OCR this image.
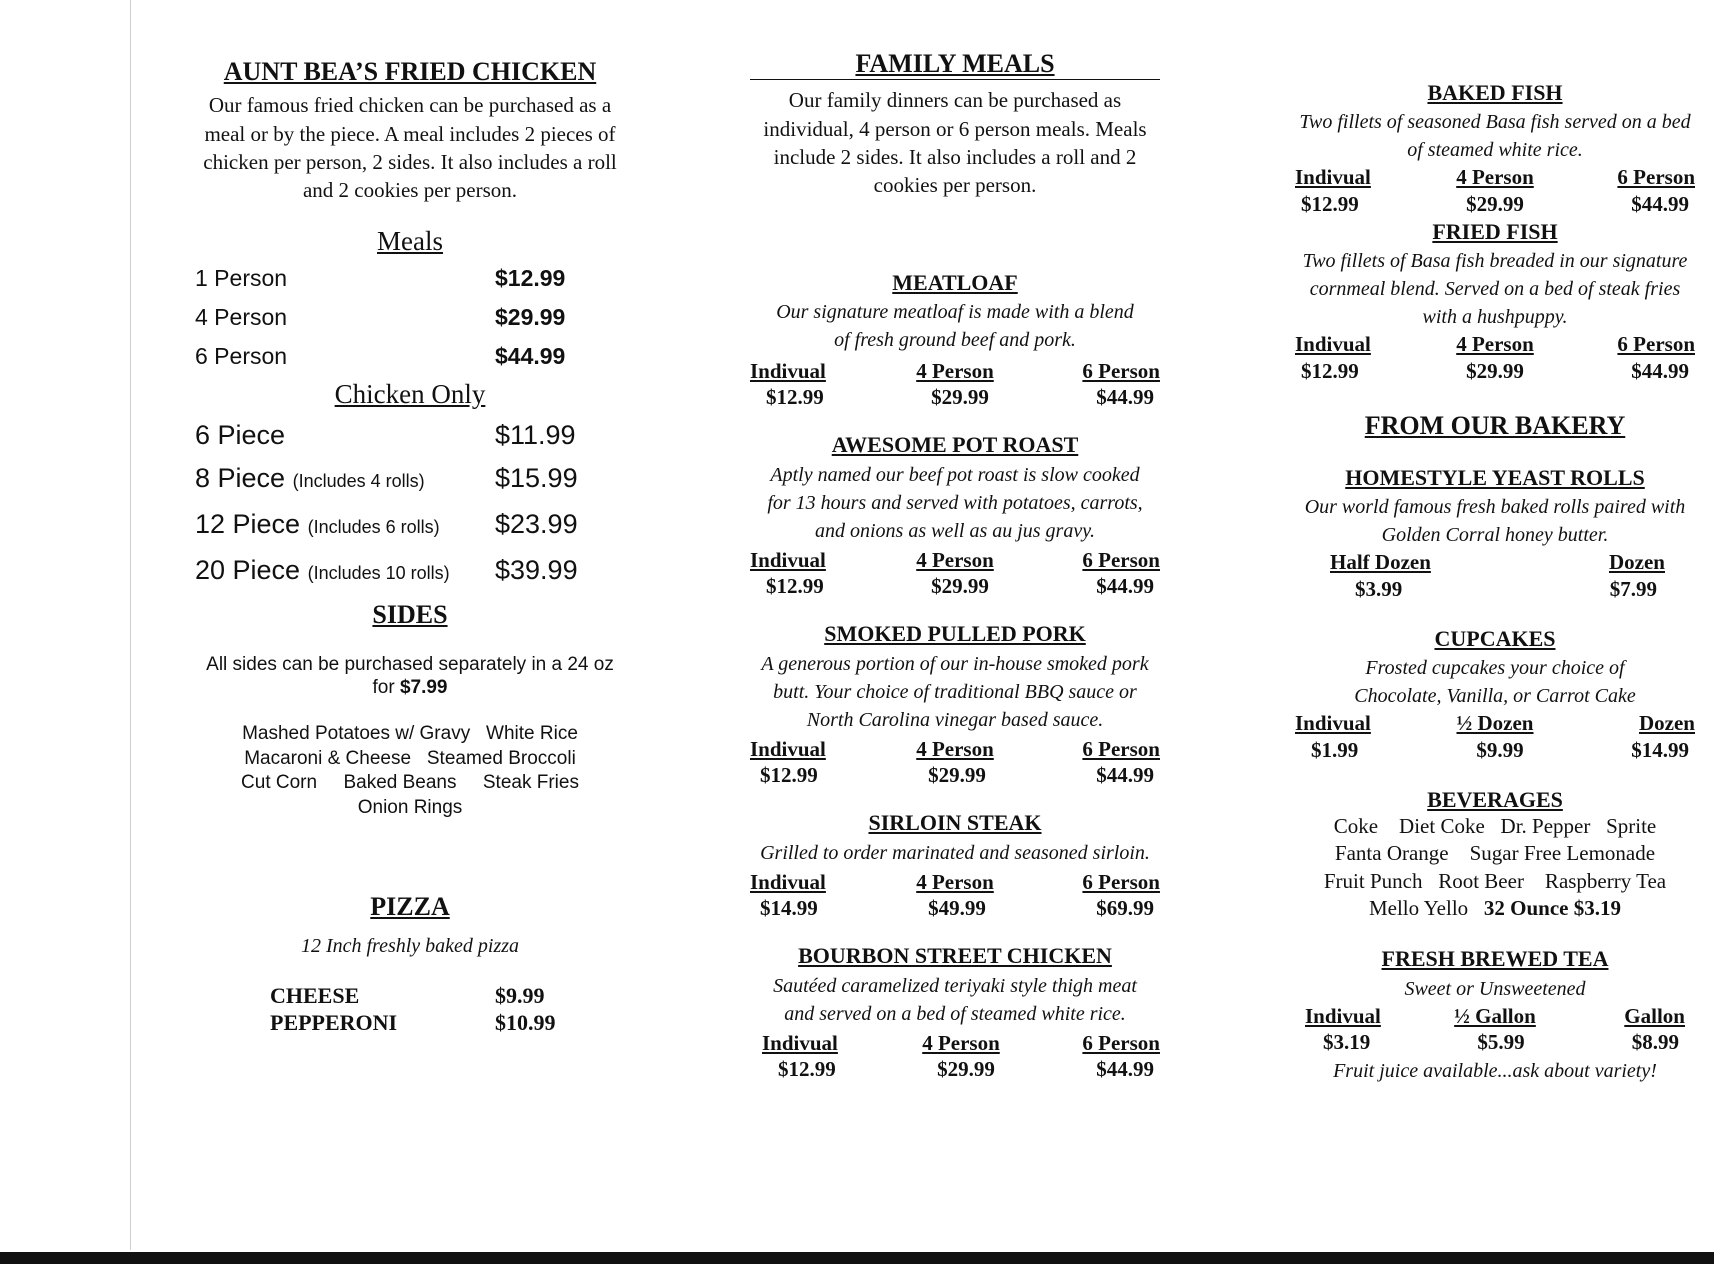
AUNT BEA’S FRIED CHICKEN

Our famous fried chicken can be purchased as a meal or by the piece. A meal includes 2 pieces of chicken per person, 2 sides. It also includes a roll and 2 cookies per person.

Meals
1 Person	$12.99
4 Person	$29.99
6 Person	$44.99
Chicken Only
6 Piece	$11.99
8 Piece (Includes 4 rolls)	$15.99
12 Piece (Includes 6 rolls)	$23.99
20 Piece (Includes 10 rolls)	$39.99
SIDES

All sides can be purchased separately in a 24 oz for $7.99

Mashed Potatoes w/ Gravy   White Rice
Macaroni & Cheese   Steamed Broccoli
Cut Corn     Baked Beans     Steak Fries
Onion Rings
PIZZA

12 Inch freshly baked pizza

CHEESE	$9.99
PEPPERONI	$10.99
FAMILY MEALS

Our family dinners can be purchased as individual, 4 person or 6 person meals. Meals include 2 sides. It also includes a roll and 2 cookies per person.

MEATLOAF

Our signature meatloaf is made with a blend of fresh ground beef and pork.

Indivual	4 Person	6 Person
$12.99	$29.99	$44.99
AWESOME POT ROAST

Aptly named our beef pot roast is slow cooked for 13 hours and served with potatoes, carrots, and onions as well as au jus gravy.

Indivual	4 Person	6 Person
$12.99	$29.99	$44.99
SMOKED PULLED PORK

A generous portion of our in-house smoked pork butt. Your choice of traditional BBQ sauce or North Carolina vinegar based sauce.

Indivual	4 Person	6 Person
$12.99	$29.99	$44.99
SIRLOIN STEAK

Grilled to order marinated and seasoned sirloin.

Indivual	4 Person	6 Person
$14.99	$49.99	$69.99
BOURBON STREET CHICKEN

Sautéed caramelized teriyaki style thigh meat and served on a bed of steamed white rice.

Indivual	4 Person	6 Person
$12.99	$29.99	$44.99
BAKED FISH

Two fillets of seasoned Basa fish served on a bed of steamed white rice.

Indivual	4 Person	6 Person
$12.99	$29.99	$44.99
FRIED FISH

Two fillets of Basa fish breaded in our signature cornmeal blend. Served on a bed of steak fries with a hushpuppy.

Indivual	4 Person	6 Person
$12.99	$29.99	$44.99
FROM OUR BAKERY
HOMESTYLE YEAST ROLLS

Our world famous fresh baked rolls paired with Golden Corral honey butter.

Half Dozen	Dozen
$3.99	$7.99
CUPCAKES

Frosted cupcakes your choice of Chocolate, Vanilla, or Carrot Cake

Indivual	½ Dozen	Dozen
$1.99	$9.99	$14.99
BEVERAGES
Coke    Diet Coke   Dr. Pepper   Sprite
Fanta Orange    Sugar Free Lemonade
Fruit Punch   Root Beer    Raspberry Tea
Mello Yello 32 Ounce $3.19
FRESH BREWED TEA

Sweet or Unsweetened

Indivual	½ Gallon	Gallon
$3.19	$5.99	$8.99

Fruit juice available...ask about variety!
